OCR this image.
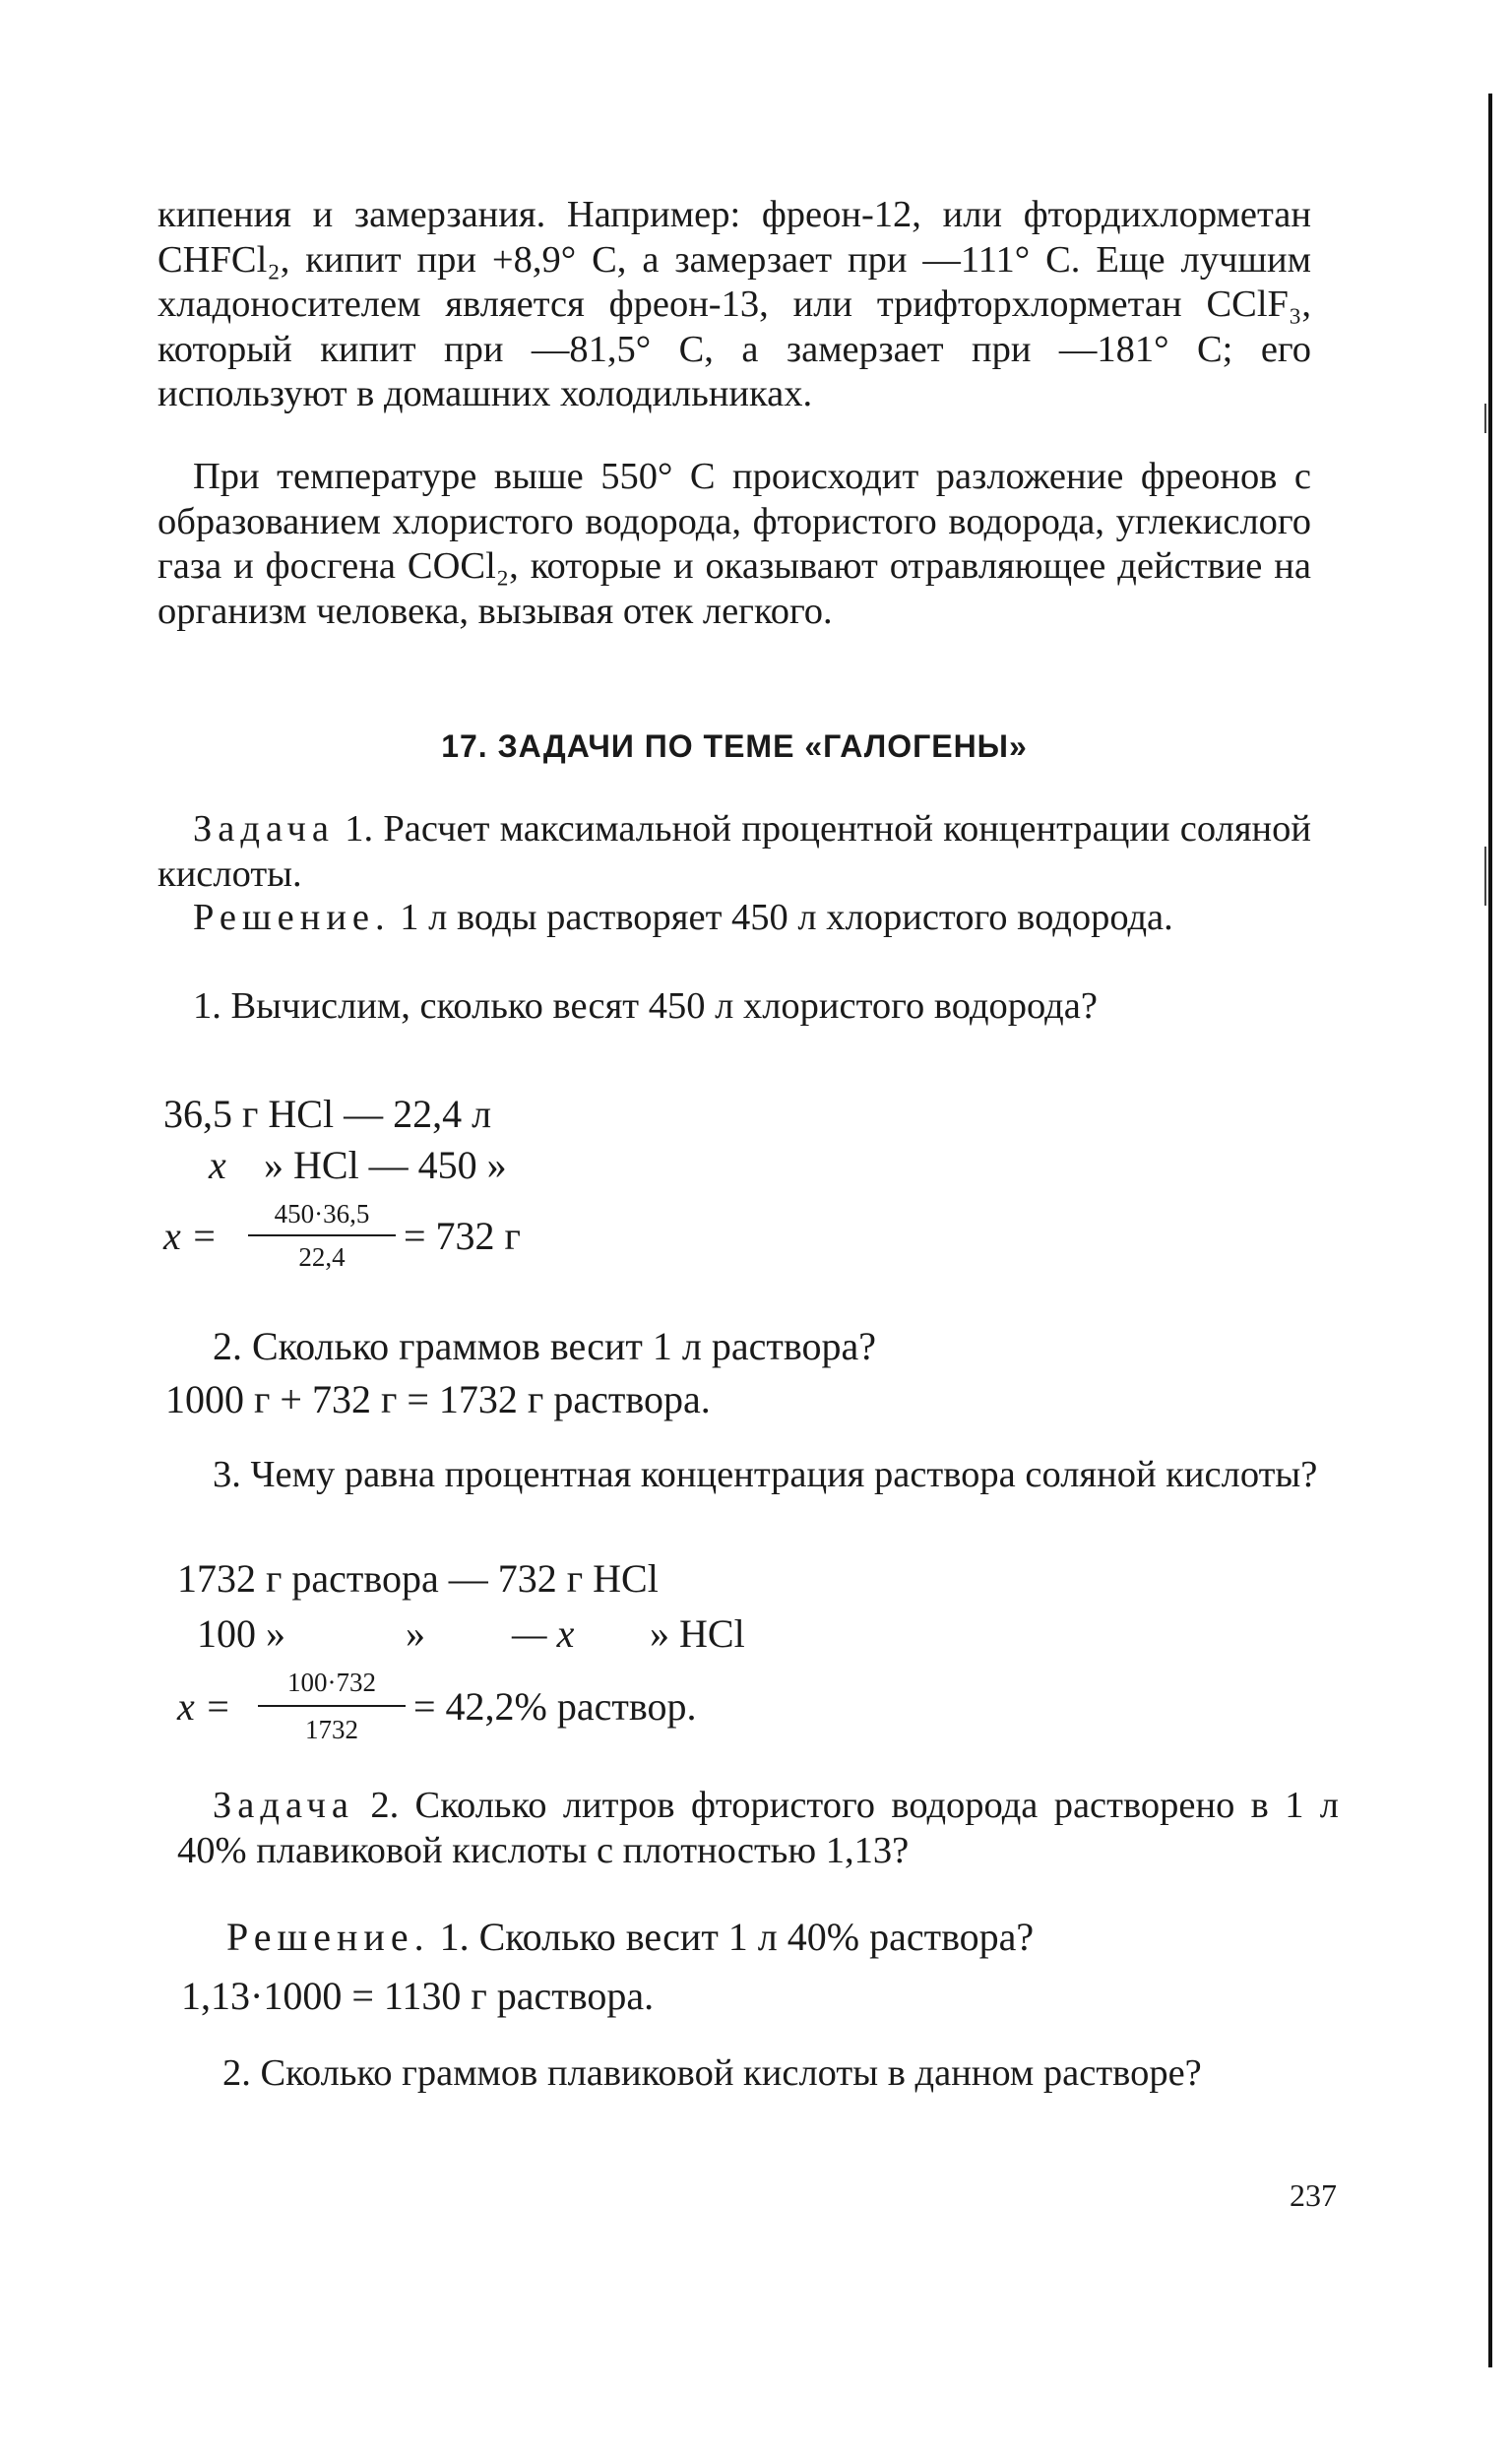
кипения и замерзания. Например: фреон-12, или фтордихлорметан CHFCl₂, кипит при +8,9° С, а замерзает при —111° С. Еще лучшим хладоносителем является фреон-13, или трифторхлорметан CClF₃, который кипит при —81,5° С, а замерзает при —181° С; его используют в домашних холодильниках.

При температуре выше 550° С происходит разложение фреонов с образованием хлористого водорода, фтористого водорода, углекислого газа и фосгена COCl₂, которые и оказывают отравляющее действие на организм человека, вызывая отек легкого.

17. ЗАДАЧИ ПО ТЕМЕ «ГАЛОГЕНЫ»

Задача 1. Расчет максимальной процентной концентрации соляной кислоты.

Решение. 1 л воды растворяет 450 л хлористого водорода.

1. Вычислим, сколько весят 450 л хлористого водорода?

36,5 г HCl — 22,4 л
x » HCl — 450 »
x =	450·36,5
22,4	= 732 г
2. Сколько граммов весит 1 л раствора?
1000 г + 732 г = 1732 г раствора.

3. Чему равна процентная концентрация раствора соляной кислоты?

1732 г раствора — 732 г HCl
100 »	» — x » HCl
x =
100·732
1732
= 42,2% раствор.

Задача 2. Сколько литров фтористого водорода растворено в 1 л 40% плавиковой кислоты с плотностью 1,13?

Решение. 1. Сколько весит 1 л 40% раствора?
1,13·1000 = 1130 г раствора.

2. Сколько граммов плавиковой кислоты в данном растворе?

237
